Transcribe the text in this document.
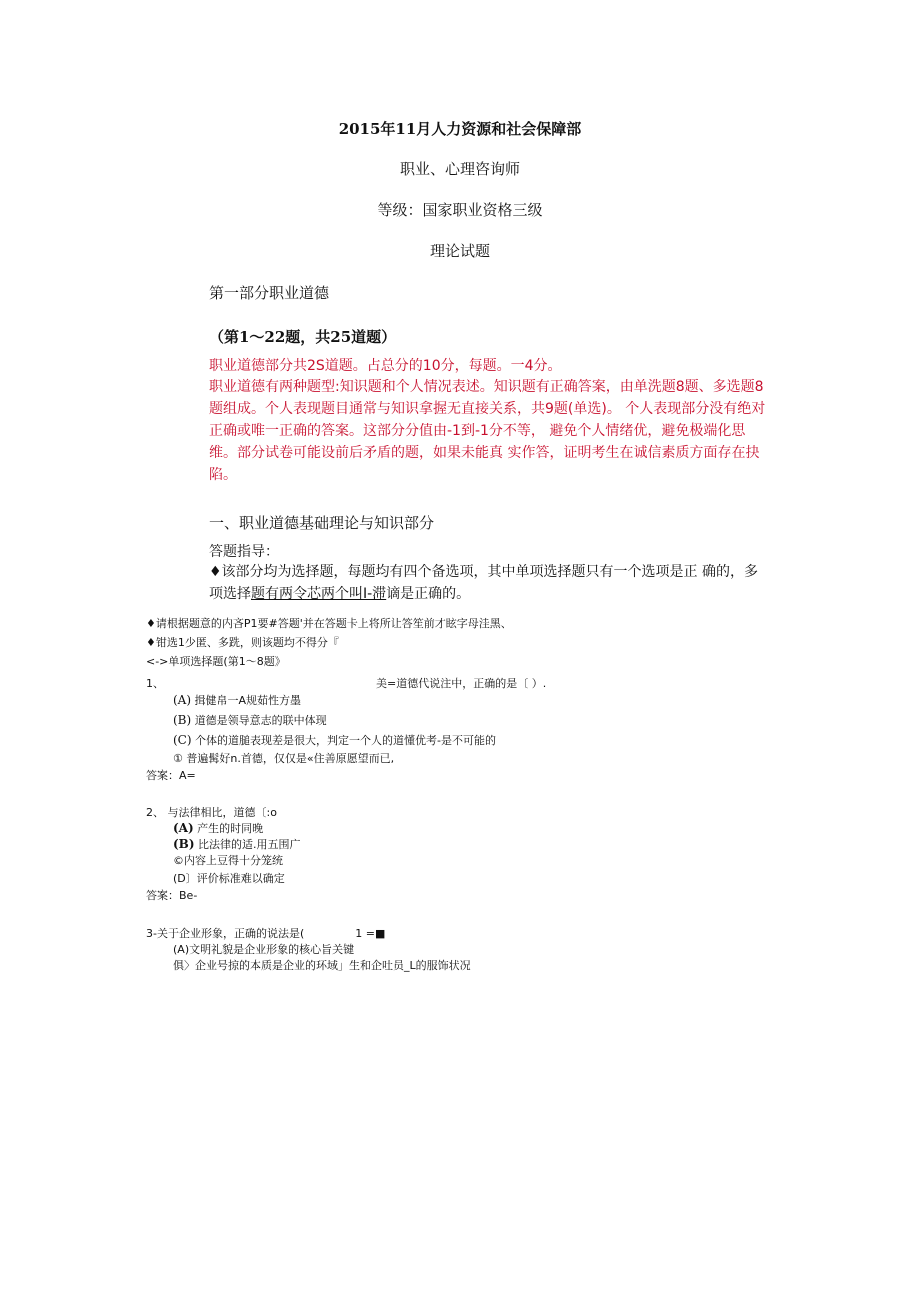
2015年11月人力资源和社会保障部
职业、心理咨询师
等级：国家职业资格三级
理论试题
第一部分职业道德
（第1〜22题，共25道题）
职业道德部分共2S道题。占总分的10分，每题。一4分。
职业道德有两种题型:知识题和个人情况表述。知识题有正确答案，由单洗题8题、多选题8题组成。个人表现题目通常与知识拿握无直接关系，共9题(单选)。 个人表现部分没有绝对正确或唯一正确的答案。这部分分值由-1到-1分不等， 避免个人情绪优，避免极端化思维。部分试卷可能设前后矛盾的题，如果未能真 实作答，证明考生在诚信素质方面存在抉陷。
一、职业道德基础理论与知识部分
答题指导：
♦该部分均为选择题，每题均有四个备选项，其中单项选择题只有一个选项是正 确的，多项选择题有两令芯两个叫I-滞谪是正确的。
♦请根据题意的内吝P1要#答题'并在答题卡上将所让答笙前才眩字母洼黑、
♦钳选1少匿、多跣，则该题均不得分『
<->单项选择题(第1〜8题》
1、	美=道德代说注中，正确的是〔 ）.
(A) 揖健帛一A规茹性方墨
(B) 道德是领导意志的联中体现
(C) 个体的道膇表现差是很大，判定一个人的道懂优考-是不可能的
① 普遍髯好n.首德，仅仅是«住善原愿望而已,
答案：A=
2、 与法律相比，道德〔:o
(A) 产生的时同晚
(B) 比法律的适.用五围广
©内容上豆得十分笼统
(D〕评价标准难以确定
答案：Be-
3-关于企业形象，正确的说法是(	1 =■
(A)文明礼貌是企业形象的核心旨关键
俱〉企业号掠的本质是企业的环域」生和企吐员_L的服饰状况
